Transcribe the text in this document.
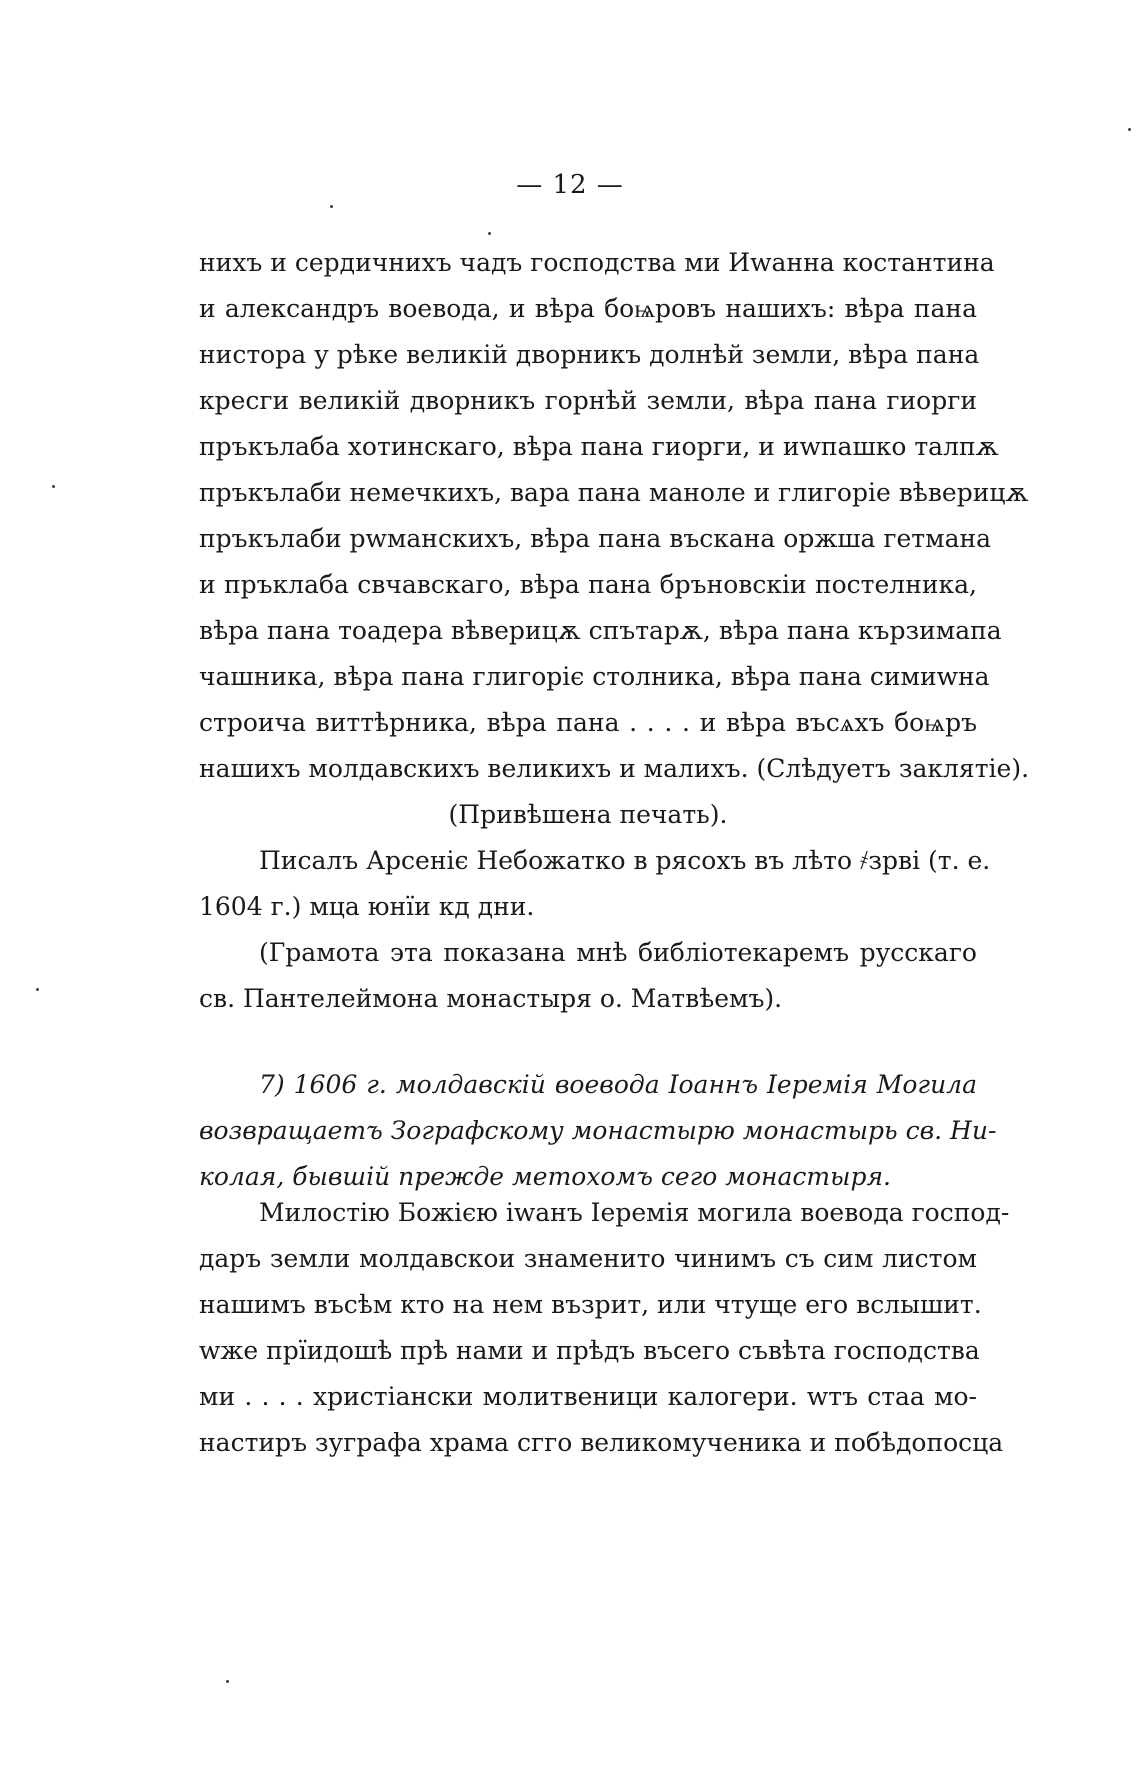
— 12 —
нихъ и сердичнихъ чадъ господства ми Иwанна костантина
и александръ воевода, и вѣра боѩровъ нашихъ: вѣра пана
нистора у рѣке великій дворникъ долнѣй земли, вѣра пана
кресги великій дворникъ горнѣй земли, вѣра пана гиорги
пръкълаба хотинскаго, вѣра пана гиорги, и иwпашко талпѫ
пръкълаби немечкихъ, вара пана маноле и глигоріе вѣверицѫ
пръкълаби рwманскихъ, вѣра пана въскана оржша гетмана
и пръклаба свчавскаго, вѣра пана бръновскіи постелника,
вѣра пана тоадера вѣверицѫ спътарѫ, вѣра пана кързимапа
чашника, вѣра пана глигоріє столника, вѣра пана симиwна
строича виттѣрника, вѣра пана . . . . и вѣра въсѧхъ боѩръ
нашихъ молдавскихъ великихъ и малихъ. (Слѣдуетъ заклятіе).
(Привѣшена печать).
Писалъ Арсеніє Небожатко в рясохъ въ лѣто ҂зрві (т. е.
1604 г.) мца юнїи кд дни.
(Грамота эта показана мнѣ библіотекаремъ русскаго
св. Пантелеймона монастыря о. Матвѣемъ).
7) 1606 г. молдавскій воевода Іоаннъ Іеремія Могила
возвращаетъ Зографскому монастырю монастырь св. Ни-
колая, бывшій прежде метохомъ сего монастыря.
Милостію Божією іwанъ Іеремія могила воевода господ-
даръ земли молдавскои знаменито чинимъ съ сим листом
нашимъ въсѣм кто на нем възрит, или чтуще его вслышит.
wже прїидошѣ прѣ нами и прѣдъ въсего съвѣта господства
ми . . . . христіански молитвеници калогери. wтъ стаа мо-
настиръ зуграфа храма сгго великомученика и побѣдопосца
